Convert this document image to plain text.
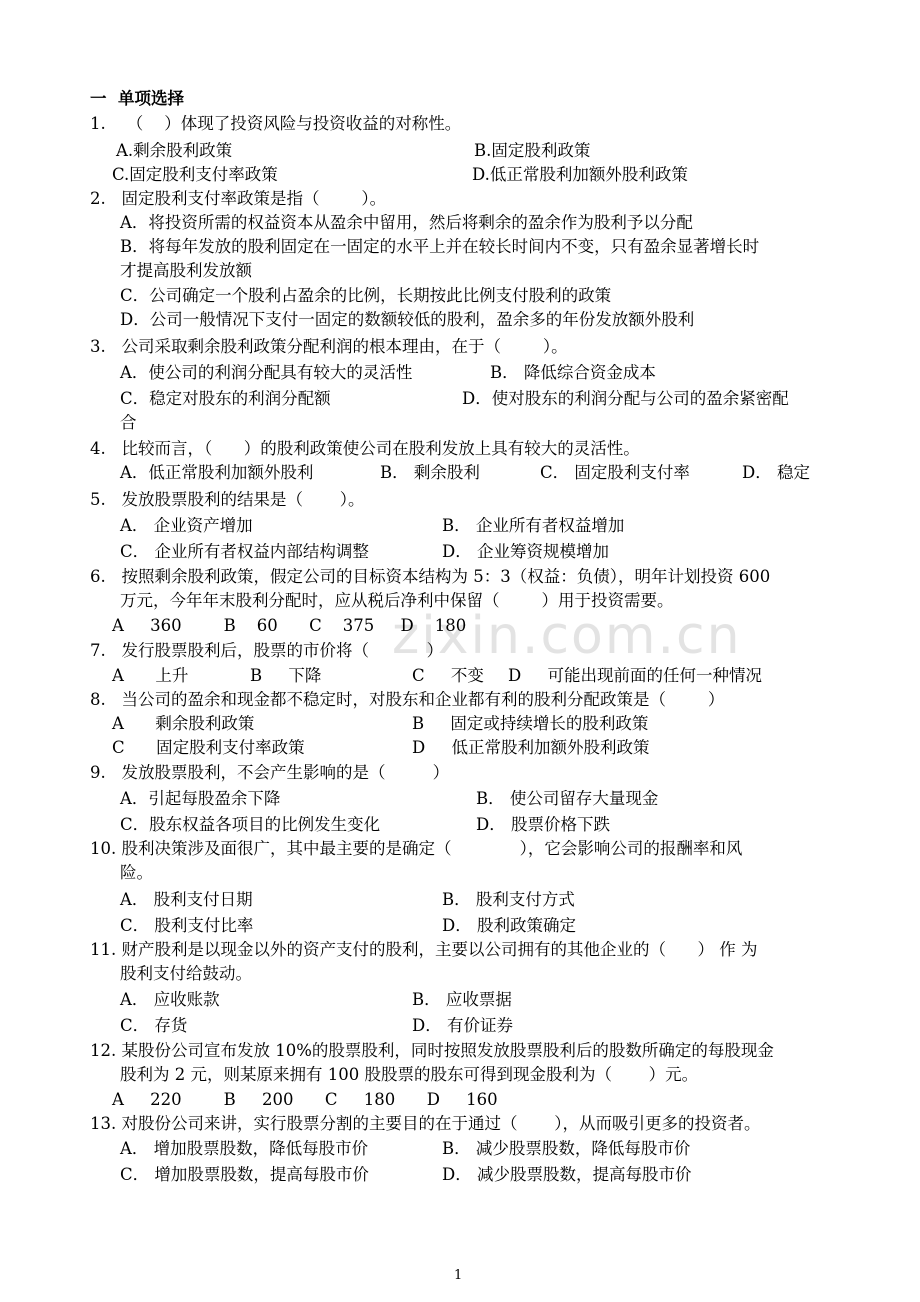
zixin.com.cn
一  单项选择
1.    （    ）体现了投资风险与投资收益的对称性。
A.剩余股利政策	B.固定股利政策
C.固定股利支付率政策	D.低正常股利加额外股利政策
2.   固定股利支付率政策是指（        ）。
A．将投资所需的权益资本从盈余中留用，然后将剩余的盈余作为股利予以分配
B．将每年发放的股利固定在一固定的水平上并在较长时间内不变，只有盈余显著增长时
才提高股利发放额
C．公司确定一个股利占盈余的比例，长期按此比例支付股利的政策
D．公司一般情况下支付一固定的数额较低的股利，盈余多的年份发放额外股利
3.   公司采取剩余股利政策分配利润的根本理由，在于（        ）。
A．使公司的利润分配具有较大的灵活性	B． 降低综合资金成本
C．稳定对股东的利润分配额	D．使对股东的利润分配与公司的盈余紧密配
合
4.   比较而言，（      ）的股利政策使公司在股利发放上具有较大的灵活性。
A．低正常股利加额外股利	B． 剩余股利	C． 固定股利支付率	D． 稳定
5.   发放股票股利的结果是（       ）。
A． 企业资产增加	B． 企业所有者权益增加
C． 企业所有者权益内部结构调整	D． 企业筹资规模增加
6.   按照剩余股利政策，假定公司的目标资本结构为 5：3（权益：负债），明年计划投资 600
万元，今年年末股利分配时，应从税后净利中保留（        ）用于投资需要。
A     360        B    60      C    375     D    180
7.   发行股票股利后，股票的市价将（           ）
A      上升	B     下降	C     不变 D     可能出现前面的任何一种情况
8.   当公司的盈余和现金都不稳定时，对股东和企业都有利的股利分配政策是（        ）
A      剩余股利政策	B     固定或持续增长的股利政策
C      固定股利支付率政策	D     低正常股利加额外股利政策
9.   发放股票股利，不会产生影响的是（         ）
A．引起每股盈余下降	B． 使公司留存大量现金
C．股东权益各项目的比例发生变化	D． 股票价格下跌
10. 股利决策涉及面很广，其中最主要的是确定（             ），它会影响公司的报酬率和风
险。
A． 股利支付日期	B． 股利支付方式
C． 股利支付比率	D． 股利政策确定
11. 财产股利是以现金以外的资产支付的股利，主要以公司拥有的其他企业的（      ） 作 为
股利支付给鼓动。
A． 应收账款	B． 应收票据
C． 存货	D． 有价证券
12. 某股份公司宣布发放 10%的股票股利，同时按照发放股票股利后的股数所确定的每股现金
股利为 2 元，则某原来拥有 100 股股票的股东可得到现金股利为（       ）元。
A     220        B     200      C     180      D     160
13. 对股份公司来讲，实行股票分割的主要目的在于通过（       ），从而吸引更多的投资者。
A． 增加股票股数，降低每股市价	B． 减少股票股数，降低每股市价
C． 增加股票股数，提高每股市价	D． 减少股票股数，提高每股市价
1
